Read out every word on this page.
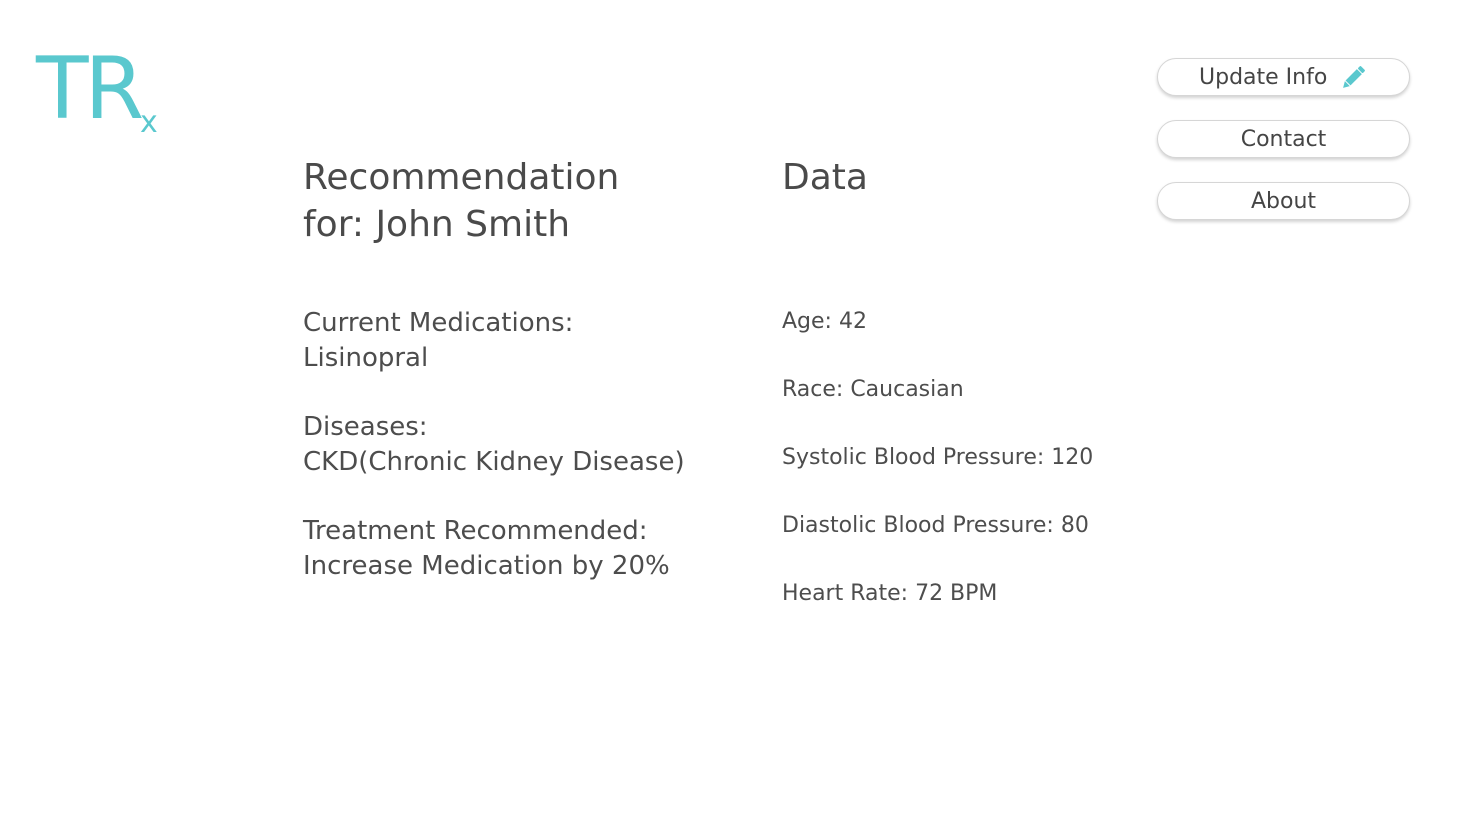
TR x
Update Info
Contact
About
Recommendation
for: John Smith
Data
Current Medications:
Lisinopral
Diseases:
CKD(Chronic Kidney Disease)
Treatment Recommended:
Increase Medication by 20%
Age: 42
Race: Caucasian
Systolic Blood Pressure: 120
Diastolic Blood Pressure: 80
Heart Rate: 72 BPM
